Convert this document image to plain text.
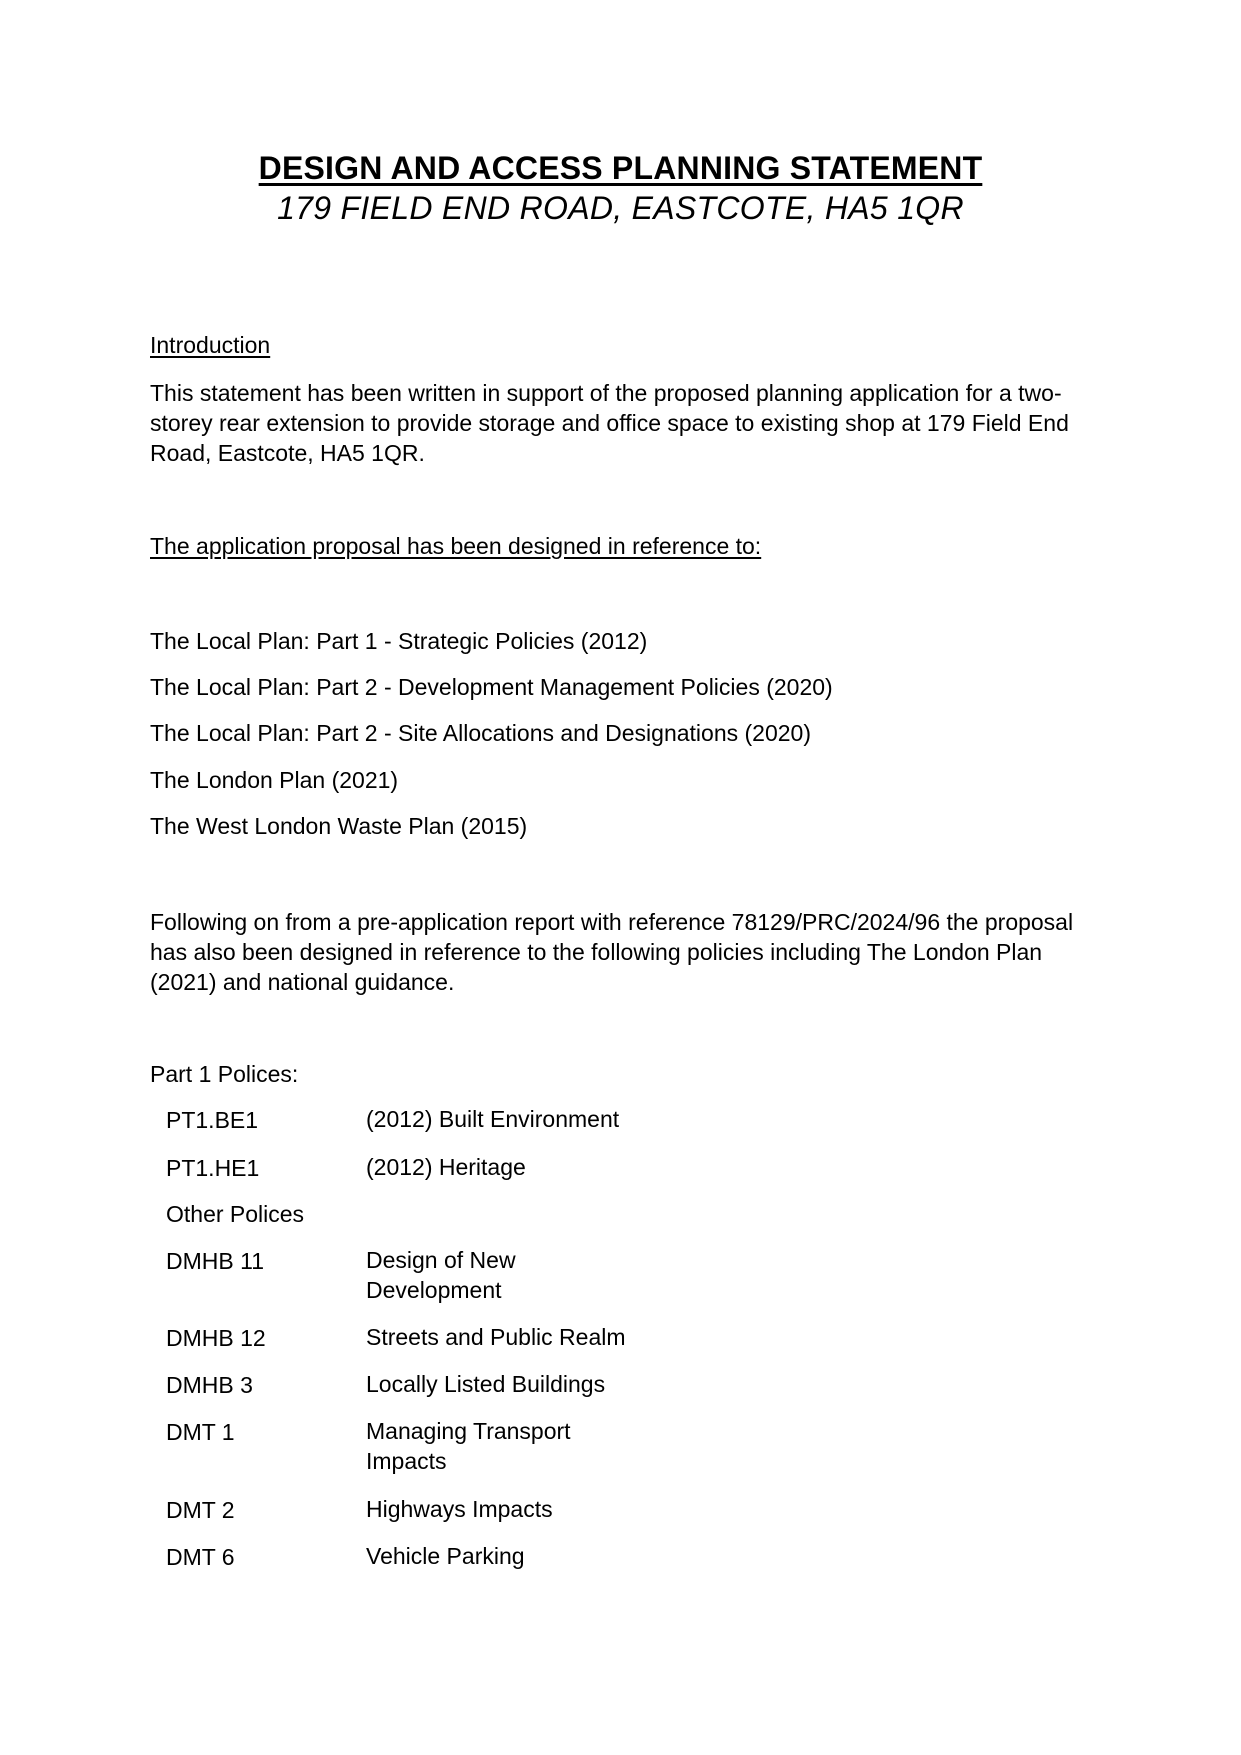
DESIGN AND ACCESS PLANNING STATEMENT
179 FIELD END ROAD, EASTCOTE, HA5 1QR
Introduction
This statement has been written in support of the proposed planning application for a two-storey rear extension to provide storage and office space to existing shop at 179 Field End Road, Eastcote, HA5 1QR.
The application proposal has been designed in reference to:
The Local Plan: Part 1 - Strategic Policies (2012)
The Local Plan: Part 2 - Development Management Policies (2020)
The Local Plan: Part 2 - Site Allocations and Designations (2020)
The London Plan (2021)
The West London Waste Plan (2015)
Following on from a pre-application report with reference 78129/PRC/2024/96 the proposal has also been designed in reference to the following policies including The London Plan (2021) and national guidance.
Part 1 Polices:
PT1.BE1	(2012) Built Environment
PT1.HE1	(2012) Heritage
Other Polices
DMHB 11	Design of New Development
DMHB 12	Streets and Public Realm
DMHB 3	Locally Listed Buildings
DMT 1	Managing Transport Impacts
DMT 2	Highways Impacts
DMT 6	Vehicle Parking
